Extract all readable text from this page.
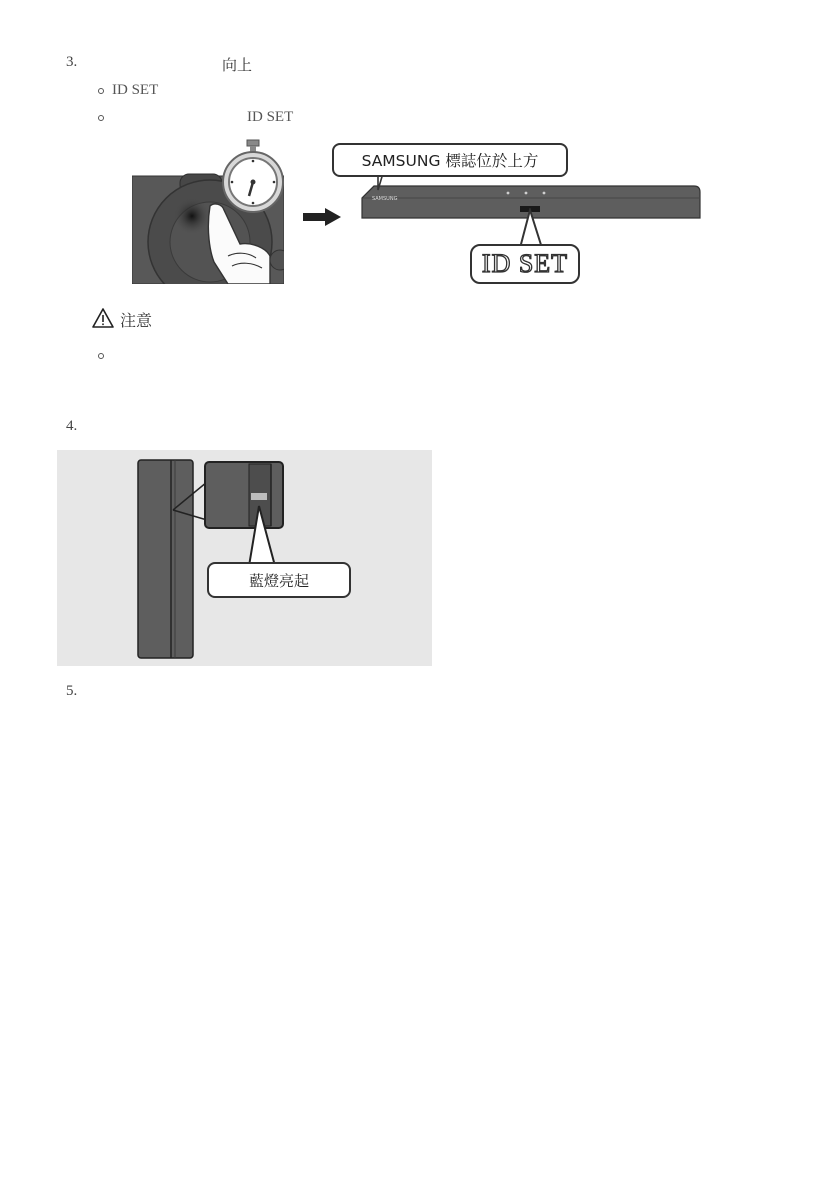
3.	向上
ID SET
ID SET
SAMSUNG
SAMSUNG 標誌位於上方
ID SET
注意
4.
藍燈亮起
5.
